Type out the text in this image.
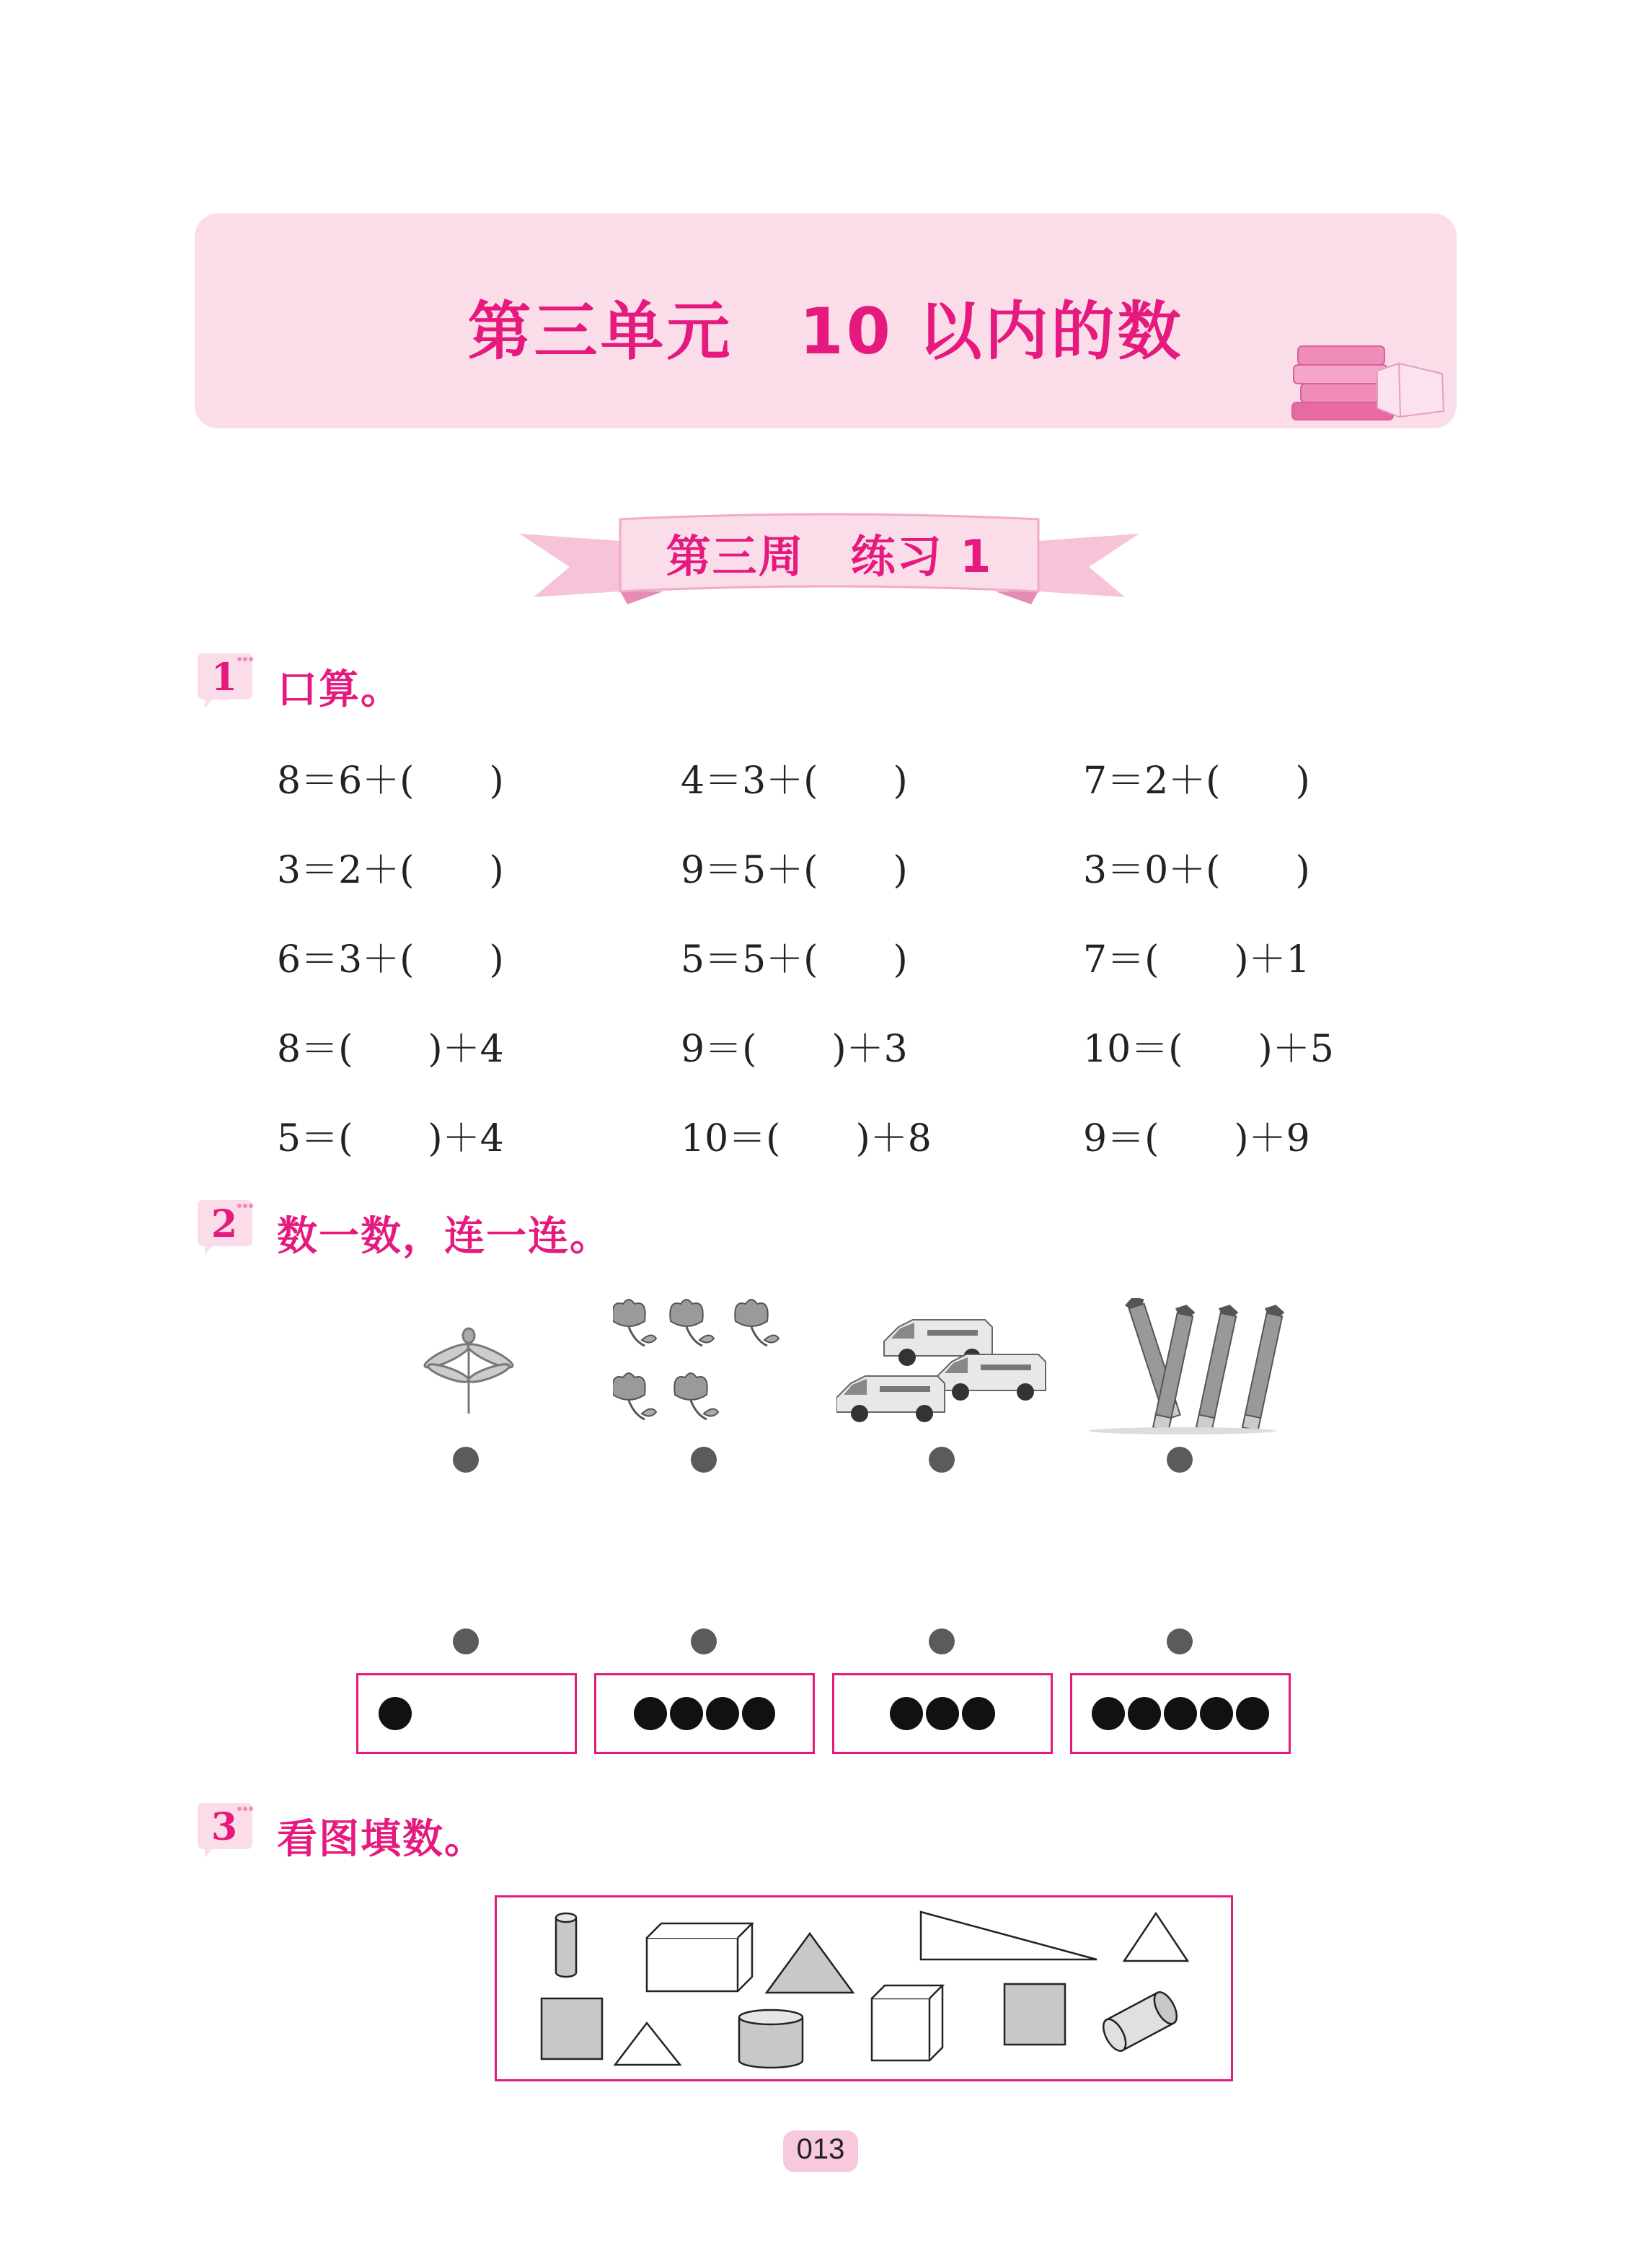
第三单元　10 以内的数
第三周　练习 1
1 口算。
8＝6＋(　　)	4＝3＋(　　)	7＝2＋(　　)
3＝2＋(　　)	9＝5＋(　　)	3＝0＋(　　)
6＝3＋(　　)	5＝5＋(　　)	7＝(　　)＋1
8＝(　　)＋4	9＝(　　)＋3	10＝(　　)＋5
5＝(　　)＋4	10＝(　　)＋8	9＝(　　)＋9
2 数一数，连一连。
3 看图填数。
013
